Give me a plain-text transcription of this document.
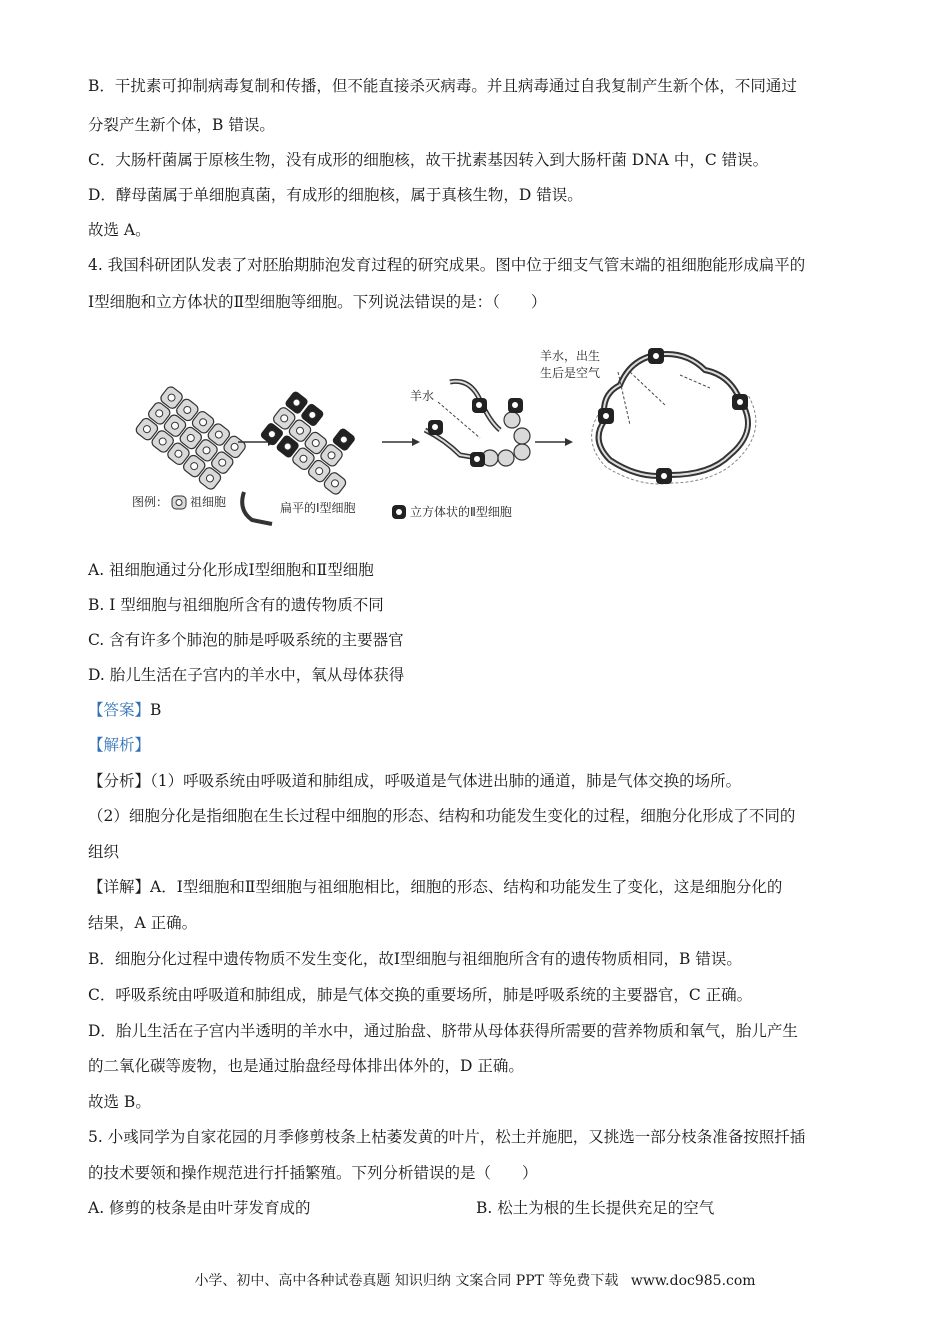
B．干扰素可抑制病毒复制和传播，但不能直接杀灭病毒。并且病毒通过自我复制产生新个体，不同通过
分裂产生新个体，B 错误。
C．大肠杆菌属于原核生物，没有成形的细胞核，故干扰素基因转入到大肠杆菌 DNA 中，C 错误。
D．酵母菌属于单细胞真菌，有成形的细胞核，属于真核生物，D 错误。
故选 A。
4. 我国科研团队发表了对胚胎期肺泡发育过程的研究成果。图中位于细支气管末端的祖细胞能形成扁平的
Ⅰ型细胞和立方体状的Ⅱ型细胞等细胞。下列说法错误的是：（　　）
羊水
羊水，出生
生后是空气
图例： 祖细胞	扁平的Ⅰ型细胞	立方体状的Ⅱ型细胞
A. 祖细胞通过分化形成Ⅰ型细胞和Ⅱ型细胞
B. Ⅰ 型细胞与祖细胞所含有的遗传物质不同
C. 含有许多个肺泡的肺是呼吸系统的主要器官
D. 胎儿生活在子宫内的羊水中，氧从母体获得
【答案】B
【解析】
【分析】（1）呼吸系统由呼吸道和肺组成，呼吸道是气体进出肺的通道，肺是气体交换的场所。
（2）细胞分化是指细胞在生长过程中细胞的形态、结构和功能发生变化的过程，细胞分化形成了不同的
组织
【详解】A．Ⅰ型细胞和Ⅱ型细胞与祖细胞相比，细胞的形态、结构和功能发生了变化，这是细胞分化的
结果，A 正确。
B．细胞分化过程中遗传物质不发生变化，故Ⅰ型细胞与祖细胞所含有的遗传物质相同，B 错误。
C．呼吸系统由呼吸道和肺组成，肺是气体交换的重要场所，肺是呼吸系统的主要器官，C 正确。
D．胎儿生活在子宫内半透明的羊水中，通过胎盘、脐带从母体获得所需要的营养物质和氧气，胎儿产生
的二氧化碳等废物，也是通过胎盘经母体排出体外的，D 正确。
故选 B。
5. 小彧同学为自家花园的月季修剪枝条上枯萎发黄的叶片，松土并施肥，又挑选一部分枝条准备按照扦插
的技术要领和操作规范进行扦插繁殖。下列分析错误的是（　　）
A. 修剪的枝条是由叶芽发育成的	B. 松土为根的生长提供充足的空气
小学、初中、高中各种试卷真题 知识归纳 文案合同 PPT 等免费下载 www.doc985.com
